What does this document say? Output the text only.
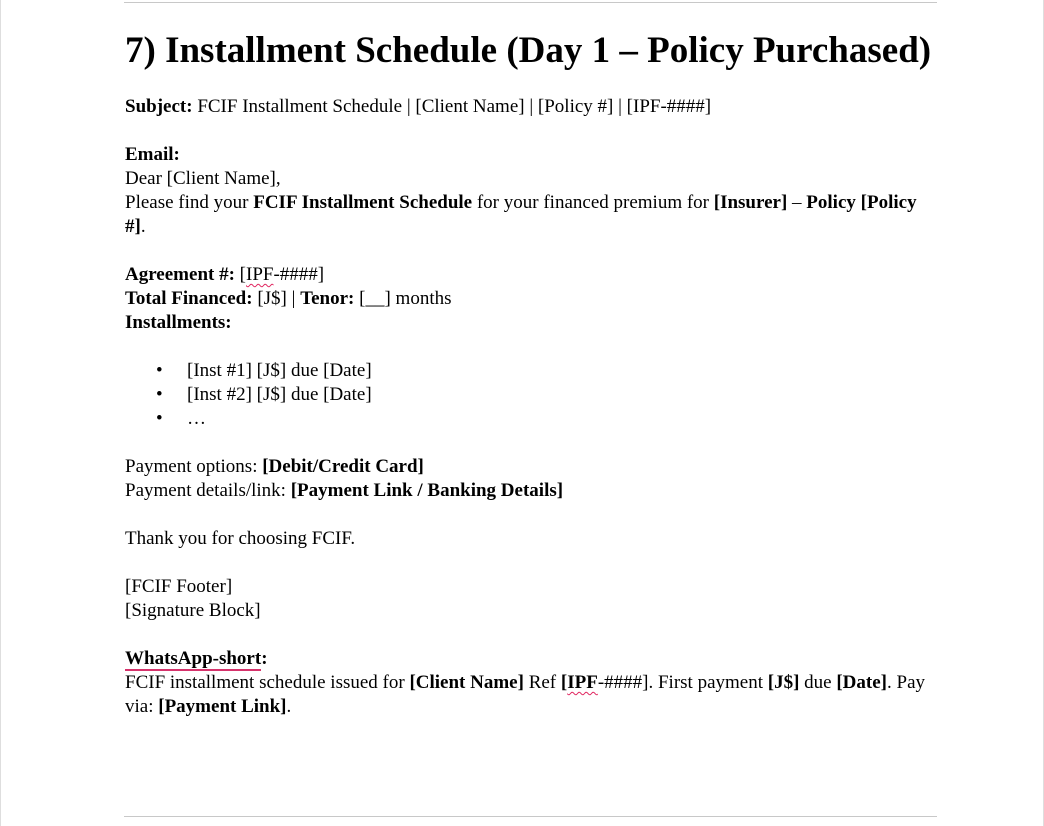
7) Installment Schedule (Day 1 – Policy Purchased)

Subject: FCIF Installment Schedule | [Client Name] | [Policy #] | [IPF-####]

Email:

Dear [Client Name],

Please find your FCIF Installment Schedule for your financed premium for [Insurer] – Policy [Policy #].

Agreement #: [IPF-####]

Total Financed: [J$] | Tenor: [__] months

Installments:

• [Inst #1] [J$] due [Date]
• [Inst #2] [J$] due [Date]
• …

Payment options: [Debit/Credit Card]

Payment details/link: [Payment Link / Banking Details]

Thank you for choosing FCIF.

[FCIF Footer]

[Signature Block]

WhatsApp-short:

FCIF installment schedule issued for [Client Name] Ref [IPF-####]. First payment [J$] due [Date]. Pay via: [Payment Link].
